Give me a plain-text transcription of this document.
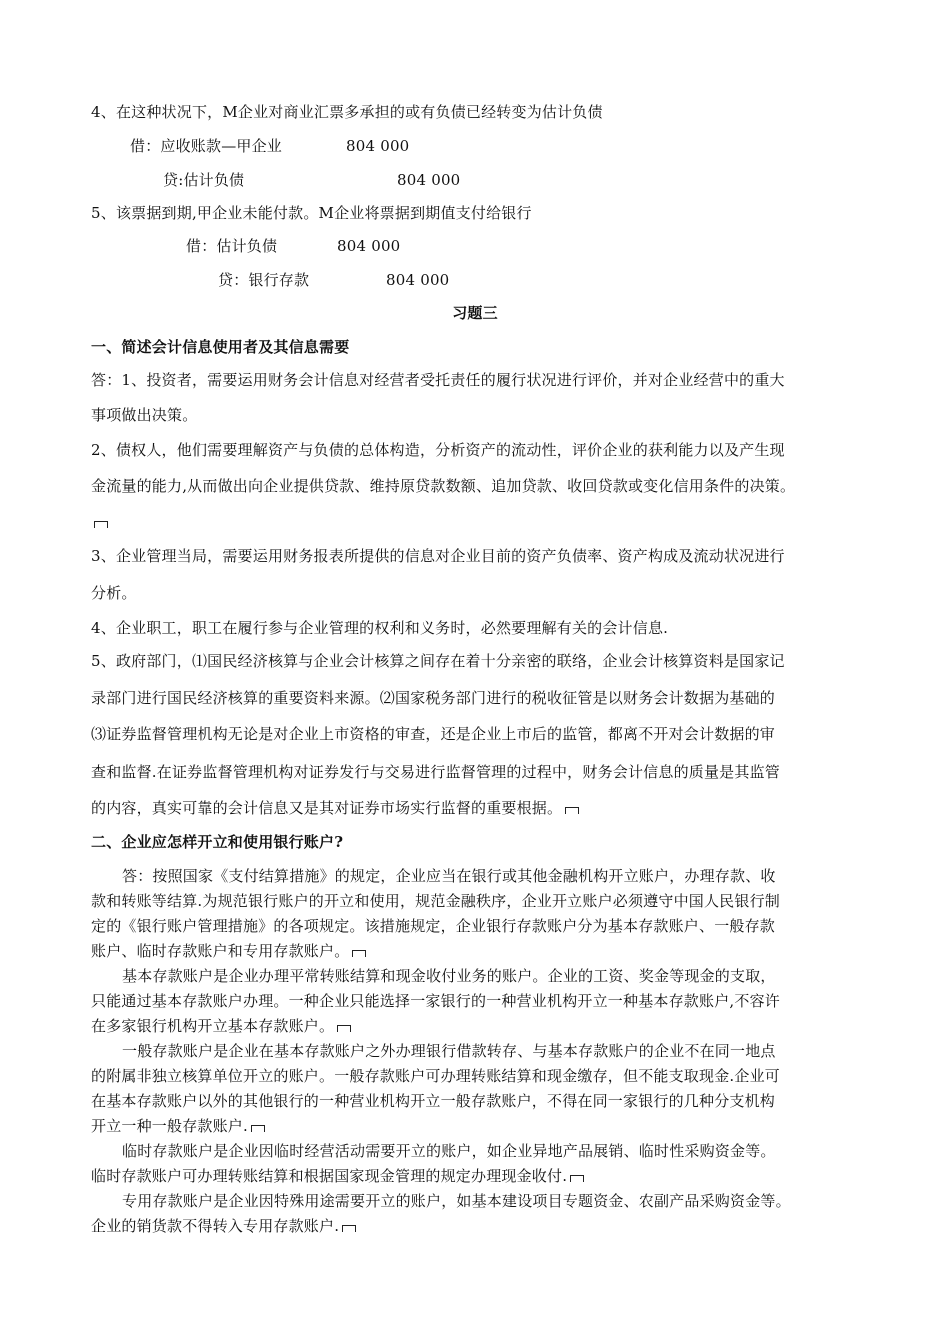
4、在这种状况下，M企业对商业汇票多承担的或有负债已经转变为估计负债
借：应收账款—甲企业	804 000
贷:估计负债	804 000
5、该票据到期,甲企业未能付款。M企业将票据到期值支付给银行
借：估计负债	804 000
贷：银行存款	804 000
习题三
一、简述会计信息使用者及其信息需要
答：1、投资者，需要运用财务会计信息对经营者受托责任的履行状况进行评价，并对企业经营中的重大
事项做出决策。
2、债权人，他们需要理解资产与负债的总体构造，分析资产的流动性，评价企业的获利能力以及产生现
金流量的能力,从而做出向企业提供贷款、维持原贷款数额、追加贷款、收回贷款或变化信用条件的决策。
3、企业管理当局，需要运用财务报表所提供的信息对企业目前的资产负债率、资产构成及流动状况进行
分析。
4、企业职工，职工在履行参与企业管理的权利和义务时，必然要理解有关的会计信息.
5、政府部门，⑴国民经济核算与企业会计核算之间存在着十分亲密的联络，企业会计核算资料是国家记
录部门进行国民经济核算的重要资料来源。⑵国家税务部门进行的税收征管是以财务会计数据为基础的
⑶证券监督管理机构无论是对企业上市资格的审查，还是企业上市后的监管，都离不开对会计数据的审
查和监督.在证券监督管理机构对证券发行与交易进行监督管理的过程中，财务会计信息的质量是其监管
的内容，真实可靠的会计信息又是其对证券市场实行监督的重要根据。
二、企业应怎样开立和使用银行账户?
答：按照国家《支付结算措施》的规定，企业应当在银行或其他金融机构开立账户，办理存款、收
款和转账等结算.为规范银行账户的开立和使用，规范金融秩序，企业开立账户必须遵守中国人民银行制
定的《银行账户管理措施》的各项规定。该措施规定，企业银行存款账户分为基本存款账户、一般存款
账户、临时存款账户和专用存款账户。
基本存款账户是企业办理平常转账结算和现金收付业务的账户。企业的工资、奖金等现金的支取，
只能通过基本存款账户办理。一种企业只能选择一家银行的一种营业机构开立一种基本存款账户,不容许
在多家银行机构开立基本存款账户。
一般存款账户是企业在基本存款账户之外办理银行借款转存、与基本存款账户的企业不在同一地点
的附属非独立核算单位开立的账户。一般存款账户可办理转账结算和现金缴存，但不能支取现金.企业可
在基本存款账户以外的其他银行的一种营业机构开立一般存款账户，不得在同一家银行的几种分支机构
开立一种一般存款账户.
临时存款账户是企业因临时经营活动需要开立的账户，如企业异地产品展销、临时性采购资金等。
临时存款账户可办理转账结算和根据国家现金管理的规定办理现金收付.
专用存款账户是企业因特殊用途需要开立的账户，如基本建设项目专题资金、农副产品采购资金等。
企业的销货款不得转入专用存款账户.
